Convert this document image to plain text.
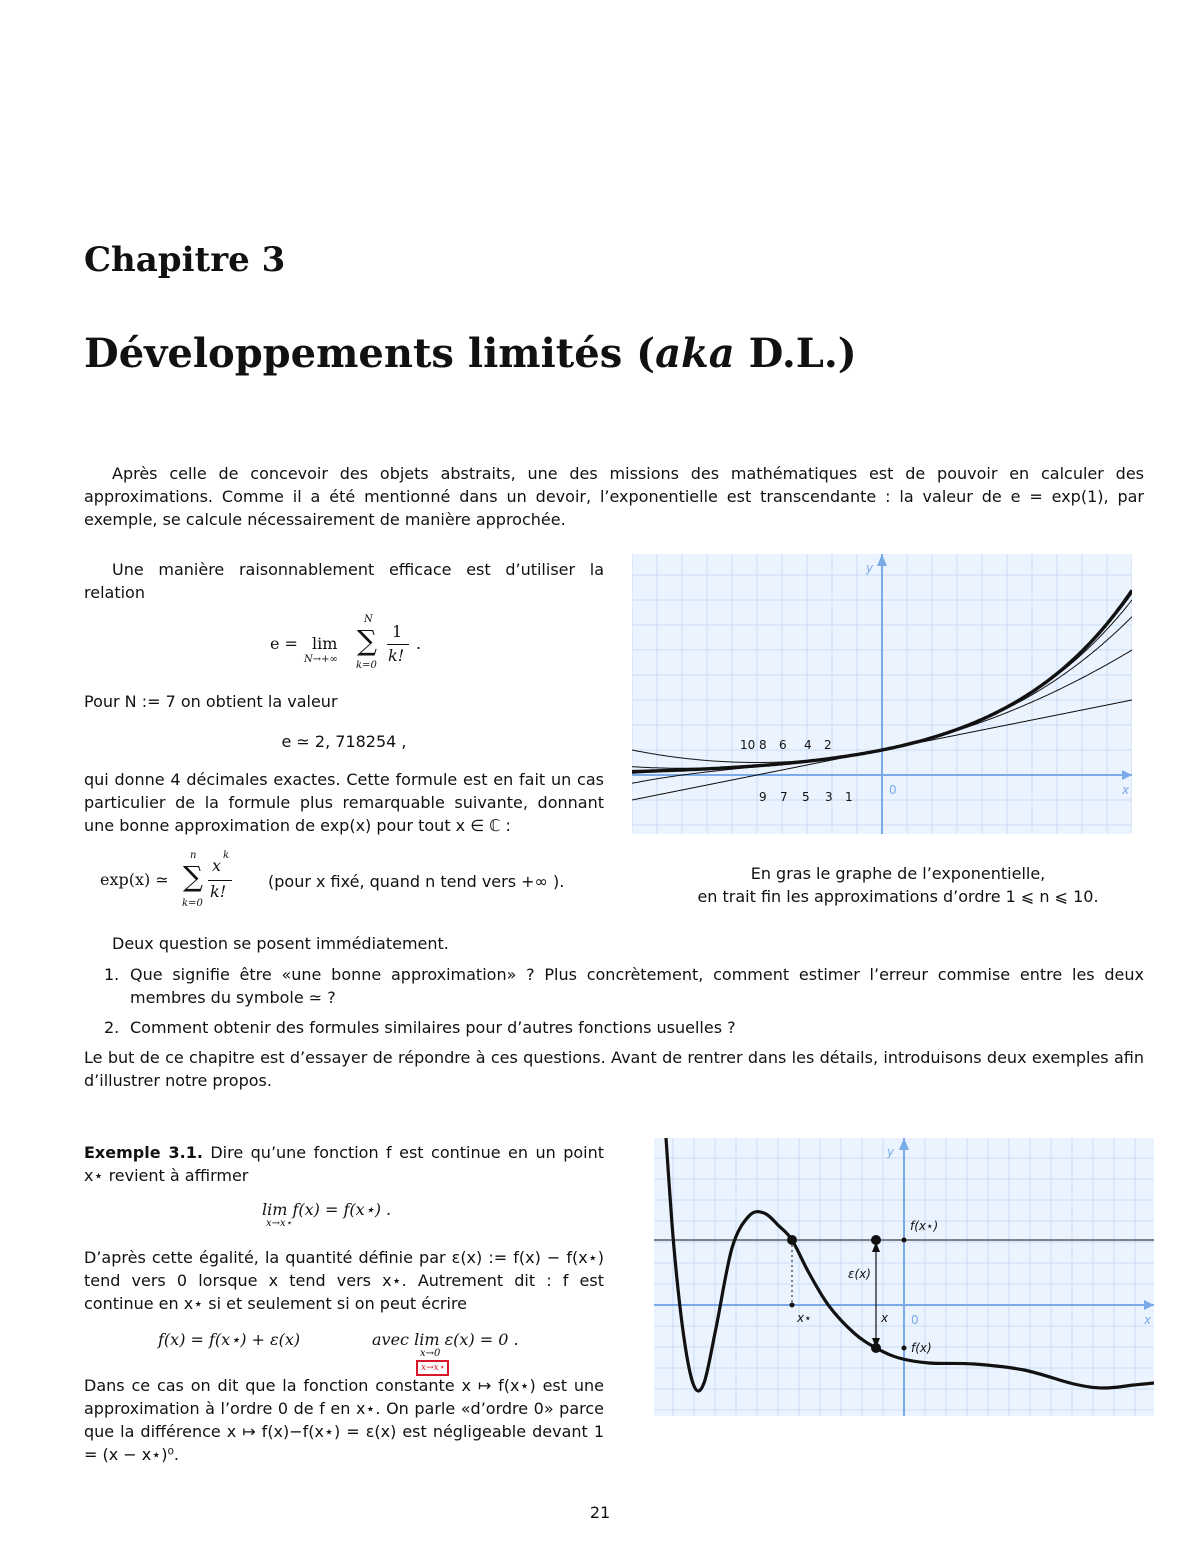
Chapitre 3
Développements limités (aka D.L.)
Après celle de concevoir des objets abstraits, une des missions des mathématiques est de pouvoir en calculer des approximations. Comme il a été mentionné dans un devoir, l’exponentielle est transcendante : la valeur de e = exp(1), par exemple, se calcule nécessairement de manière approchée.
Une manière raisonnablement efficace est d’utiliser la relation
e = lim
N→+∞
N
∑
k=0
1
k!
.
Pour N := 7 on obtient la valeur
e ≃ 2, 718254 ,
qui donne 4 décimales exactes. Cette formule est en fait un cas particulier de la formule plus remarquable suivante, donnant une bonne approximation de exp(x) pour tout x ∈ ℂ :
exp(x) ≃
n
∑
k=0
x
k
k!
(pour x fixé, quand n tend vers +∞ ).
x
y
0
10 8 6 4 2
9 7 5 3 1
En gras le graphe de l’exponentielle,
en trait fin les approximations d’ordre 1 ⩽ n ⩽ 10.
Deux question se posent immédiatement.
1. Que signifie être «une bonne approximation» ? Plus concrètement, comment estimer l’erreur commise entre les deux membres du symbole ≃ ?
2. Comment obtenir des formules similaires pour d’autres fonctions usuelles ?
Le but de ce chapitre est d’essayer de répondre à ces questions. Avant de rentrer dans les détails, introduisons deux exemples afin d’illustrer notre propos.
Exemple 3.1. Dire qu’une fonction f est continue en un point x⋆ revient à affirmer
lim f(x) = f(x⋆) .
x→x⋆
D’après cette égalité, la quantité définie par ε(x) := f(x) − f(x⋆) tend vers 0 lorsque x tend vers x⋆. Autrement dit : f est continue en x⋆ si et seulement si on peut écrire
f(x) = f(x⋆) + ε(x)	avec lim ε(x) = 0 .
x→0
x→x⋆
Dans ce cas on dit que la fonction constante x ↦ f(x⋆) est une approximation à l’ordre 0 de f en x⋆. On parle «d’ordre 0» parce que la différence x ↦ f(x)−f(x⋆) = ε(x) est négligeable devant 1 = (x − x⋆)⁰.
x
y
0
f(x⋆)
ε(x)
x⋆	x
f(x)
21
